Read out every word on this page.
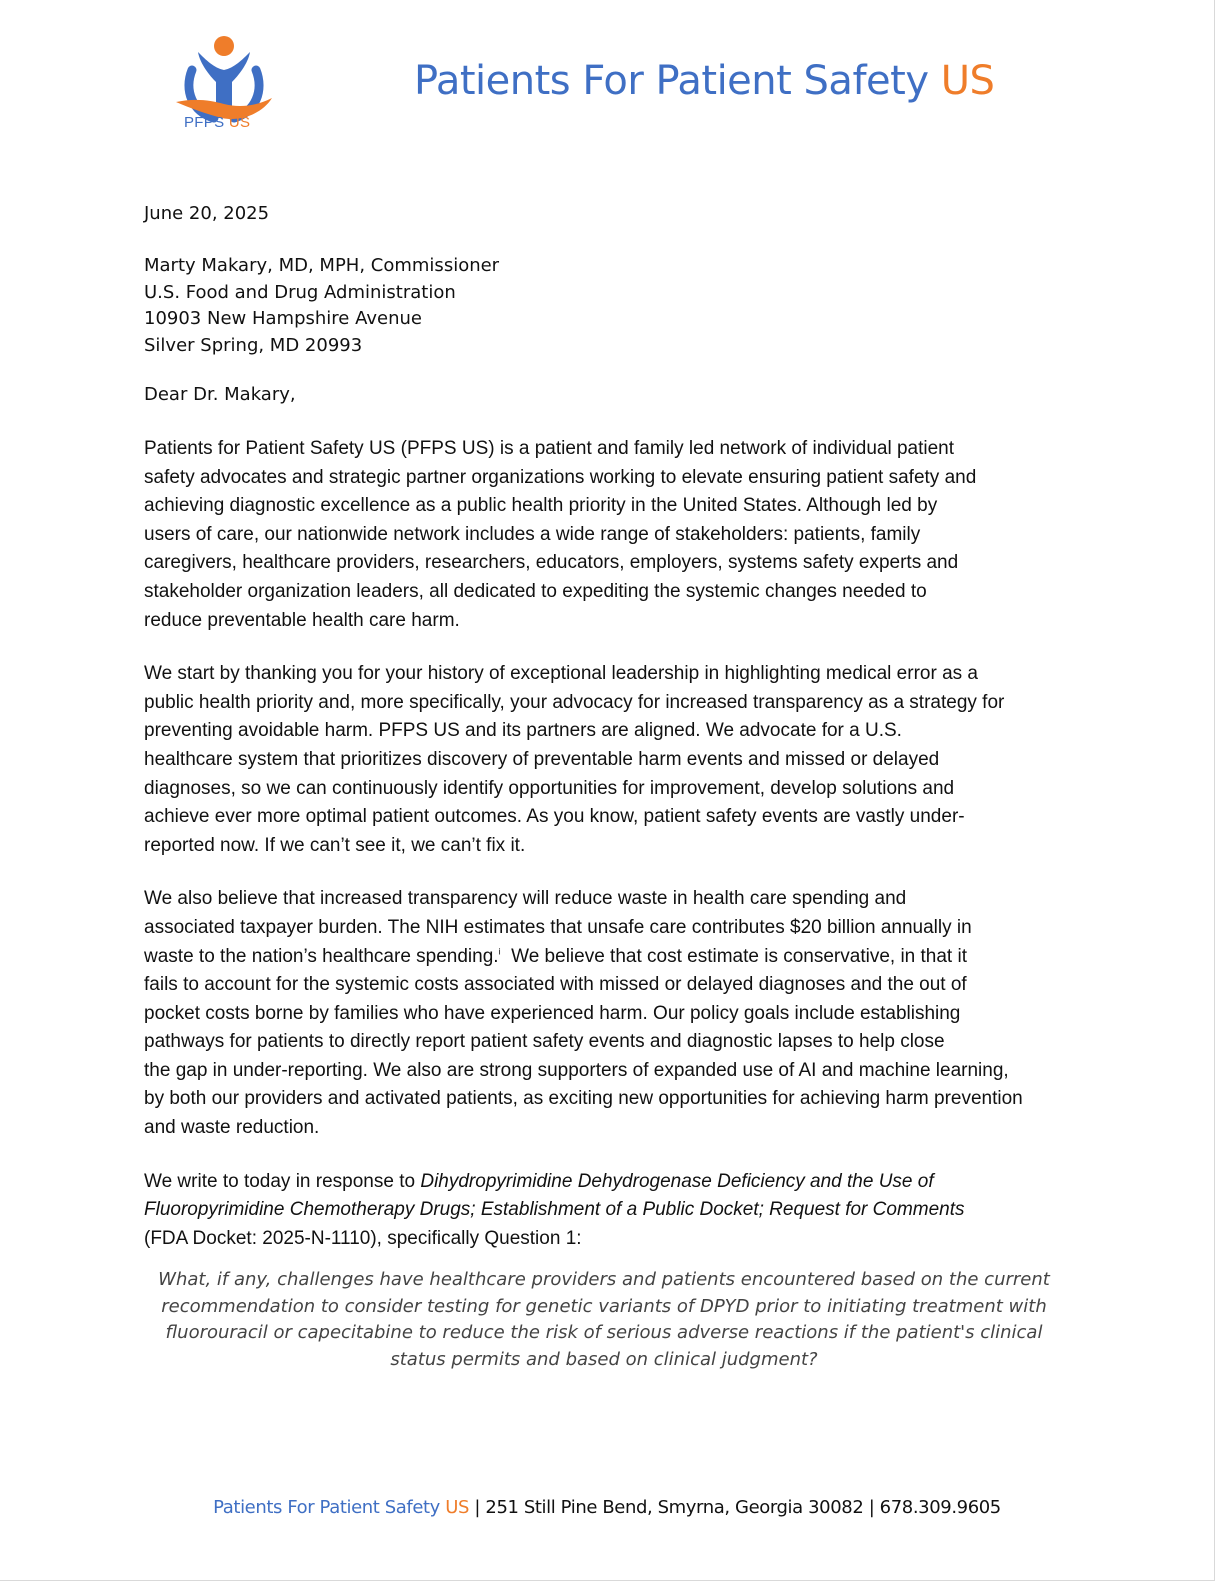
PFPS US
Patients For Patient Safety US
June 20, 2025
Marty Makary, MD, MPH, Commissioner
U.S. Food and Drug Administration
10903 New Hampshire Avenue
Silver Spring, MD 20993
Dear Dr. Makary,
Patients for Patient Safety US (PFPS US) is a patient and family led network of individual patient
safety advocates and strategic partner organizations working to elevate ensuring patient safety and
achieving diagnostic excellence as a public health priority in the United States. Although led by
users of care, our nationwide network includes a wide range of stakeholders: patients, family
caregivers, healthcare providers, researchers, educators, employers, systems safety experts and
stakeholder organization leaders, all dedicated to expediting the systemic changes needed to
reduce preventable health care harm.
We start by thanking you for your history of exceptional leadership in highlighting medical error as a
public health priority and, more specifically, your advocacy for increased transparency as a strategy for
preventing avoidable harm. PFPS US and its partners are aligned. We advocate for a U.S.
healthcare system that prioritizes discovery of preventable harm events and missed or delayed
diagnoses, so we can continuously identify opportunities for improvement, develop solutions and
achieve ever more optimal patient outcomes. As you know, patient safety events are vastly under-
reported now. If we can’t see it, we can’t fix it.
We also believe that increased transparency will reduce waste in health care spending and
associated taxpayer burden. The NIH estimates that unsafe care contributes $20 billion annually in
waste to the nation’s healthcare spending.$^i$  We believe that cost estimate is conservative, in that it
fails to account for the systemic costs associated with missed or delayed diagnoses and the out of
pocket costs borne by families who have experienced harm. Our policy goals include establishing
pathways for patients to directly report patient safety events and diagnostic lapses to help close
the gap in under-reporting. We also are strong supporters of expanded use of AI and machine learning,
by both our providers and activated patients, as exciting new opportunities for achieving harm prevention
and waste reduction.
We write to today in response to Dihydropyrimidine Dehydrogenase Deficiency and the Use of
Fluoropyrimidine Chemotherapy Drugs; Establishment of a Public Docket; Request for Comments
(FDA Docket: 2025-N-1110), specifically Question 1:
What, if any, challenges have healthcare providers and patients encountered based on the current
recommendation to consider testing for genetic variants of DPYD prior to initiating treatment with
fluorouracil or capecitabine to reduce the risk of serious adverse reactions if the patient's clinical
status permits and based on clinical judgment?
Patients For Patient Safety US | 251 Still Pine Bend, Smyrna, Georgia 30082 | 678.309.9605
